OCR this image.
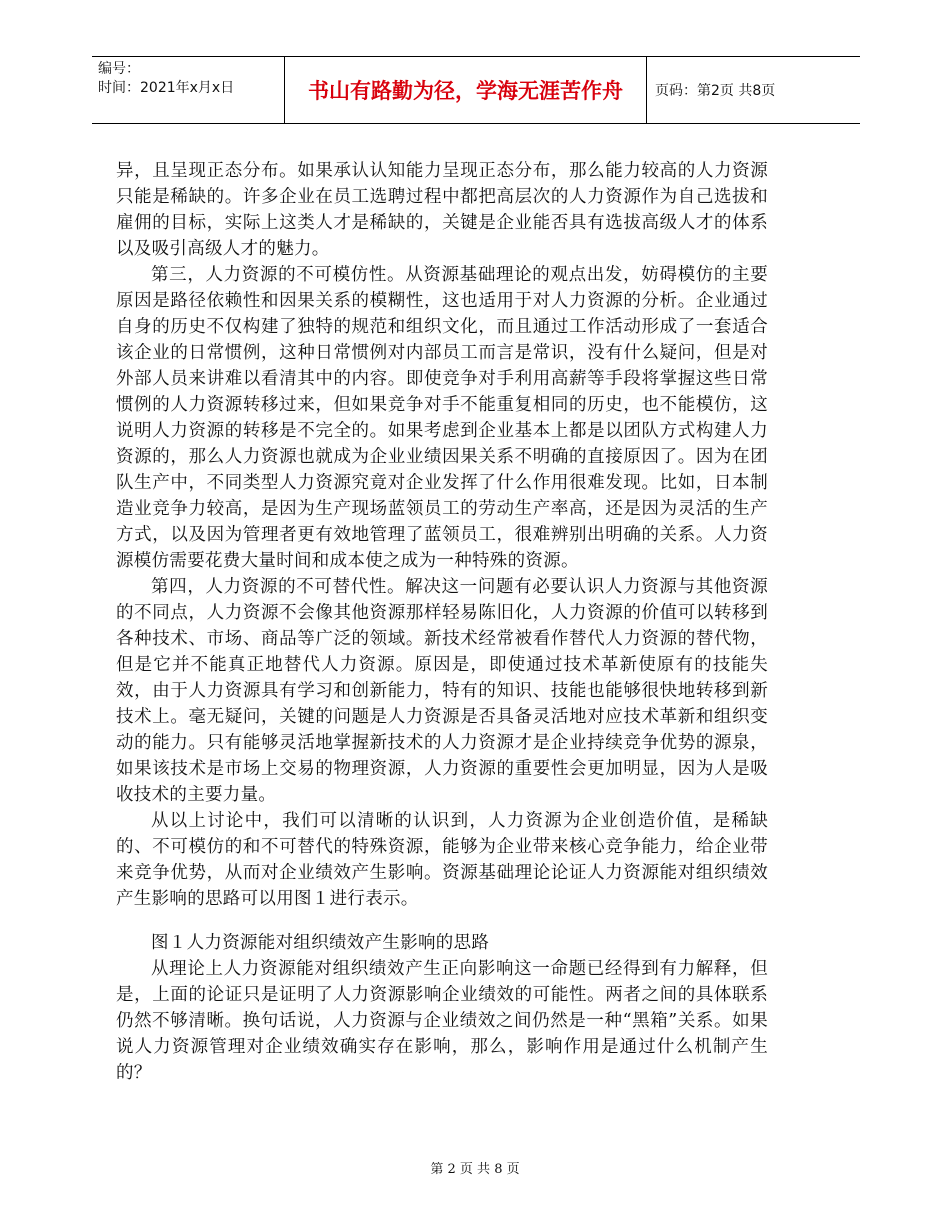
编号：
时间：2021年x月x日	书山有路勤为径，学海无涯苦作舟	页码：第2页 共8页

异，且呈现正态分布。如果承认认知能力呈现正态分布，那么能力较高的人力资源只能是稀缺的。许多企业在员工选聘过程中都把高层次的人力资源作为自己选拔和雇佣的目标，实际上这类人才是稀缺的，关键是企业能否具有选拔高级人才的体系以及吸引高级人才的魅力。

第三，人力资源的不可模仿性。从资源基础理论的观点出发，妨碍模仿的主要原因是路径依赖性和因果关系的模糊性，这也适用于对人力资源的分析。企业通过自身的历史不仅构建了独特的规范和组织文化，而且通过工作活动形成了一套适合该企业的日常惯例，这种日常惯例对内部员工而言是常识，没有什么疑问，但是对外部人员来讲难以看清其中的内容。即使竞争对手利用高薪等手段将掌握这些日常惯例的人力资源转移过来，但如果竞争对手不能重复相同的历史，也不能模仿，这说明人力资源的转移是不完全的。如果考虑到企业基本上都是以团队方式构建人力资源的，那么人力资源也就成为企业业绩因果关系不明确的直接原因了。因为在团队生产中，不同类型人力资源究竟对企业发挥了什么作用很难发现。比如，日本制造业竞争力较高，是因为生产现场蓝领员工的劳动生产率高，还是因为灵活的生产方式，以及因为管理者更有效地管理了蓝领员工，很难辨别出明确的关系。人力资源模仿需要花费大量时间和成本使之成为一种特殊的资源。

第四，人力资源的不可替代性。解决这一问题有必要认识人力资源与其他资源的不同点，人力资源不会像其他资源那样轻易陈旧化，人力资源的价值可以转移到各种技术、市场、商品等广泛的领域。新技术经常被看作替代人力资源的替代物，但是它并不能真正地替代人力资源。原因是，即使通过技术革新使原有的技能失效，由于人力资源具有学习和创新能力，特有的知识、技能也能够很快地转移到新技术上。毫无疑问，关键的问题是人力资源是否具备灵活地对应技术革新和组织变动的能力。只有能够灵活地掌握新技术的人力资源才是企业持续竞争优势的源泉，如果该技术是市场上交易的物理资源，人力资源的重要性会更加明显，因为人是吸收技术的主要力量。

从以上讨论中，我们可以清晰的认识到，人力资源为企业创造价值，是稀缺的、不可模仿的和不可替代的特殊资源，能够为企业带来核心竞争能力，给企业带来竞争优势，从而对企业绩效产生影响。资源基础理论论证人力资源能对组织绩效产生影响的思路可以用图１进行表示。

图１人力资源能对组织绩效产生影响的思路

从理论上人力资源能对组织绩效产生正向影响这一命题已经得到有力解释，但是，上面的论证只是证明了人力资源影响企业绩效的可能性。两者之间的具体联系仍然不够清晰。换句话说，人力资源与企业绩效之间仍然是一种“黑箱”关系。如果说人力资源管理对企业绩效确实存在影响，那么，影响作用是通过什么机制产生的？

第 2 页 共 8 页
